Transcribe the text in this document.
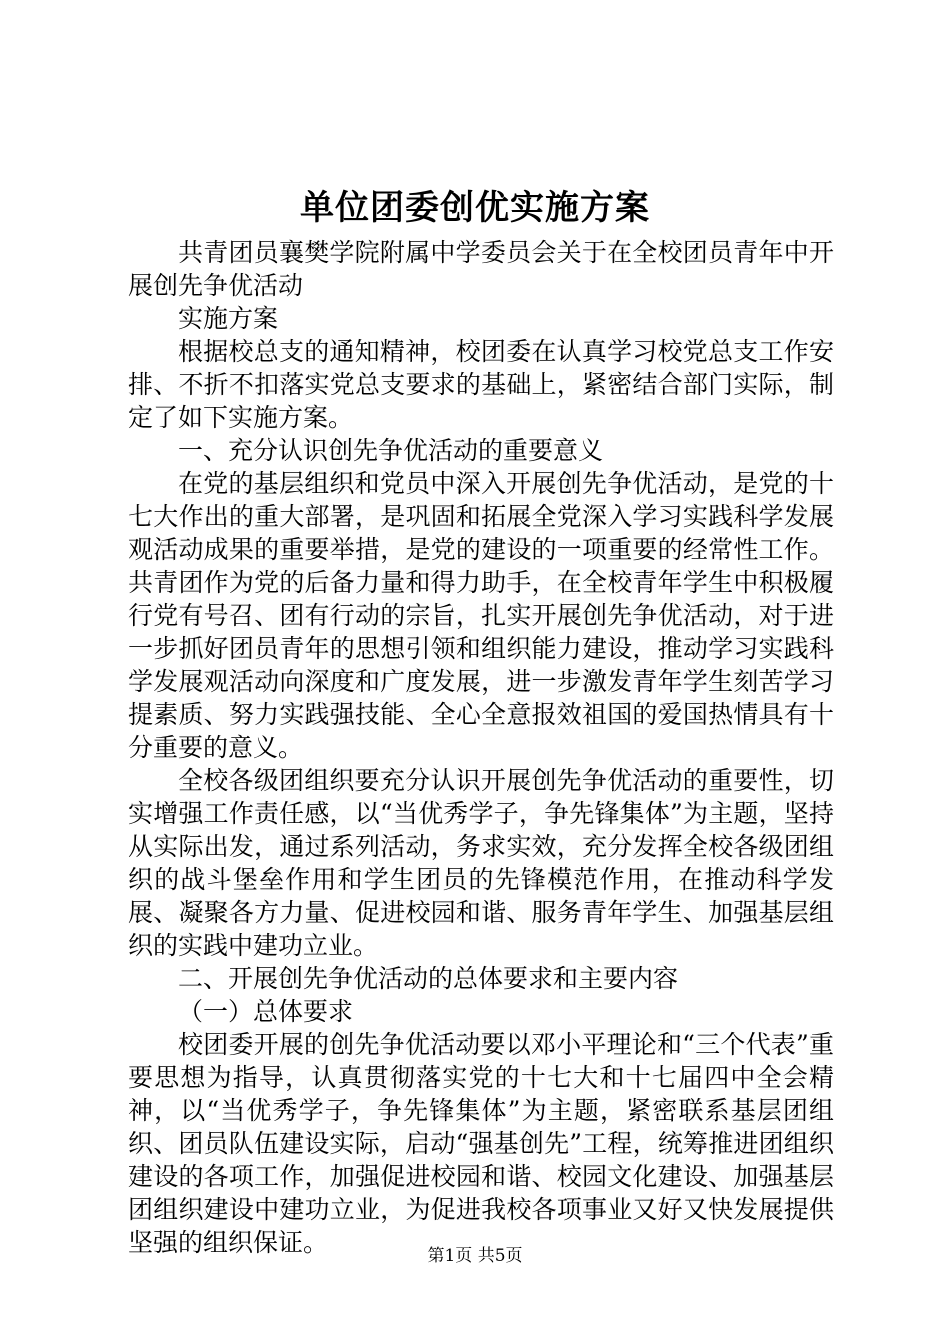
单位团委创优实施方案

共青团员襄樊学院附属中学委员会关于在全校团员青年中开展创先争优活动

实施方案

根据校总支的通知精神，校团委在认真学习校党总支工作安排、不折不扣落实党总支要求的基础上，紧密结合部门实际，制定了如下实施方案。

一、充分认识创先争优活动的重要意义

在党的基层组织和党员中深入开展创先争优活动，是党的十七大作出的重大部署，是巩固和拓展全党深入学习实践科学发展观活动成果的重要举措，是党的建设的一项重要的经常性工作。共青团作为党的后备力量和得力助手，在全校青年学生中积极履行党有号召、团有行动的宗旨，扎实开展创先争优活动，对于进一步抓好团员青年的思想引领和组织能力建设，推动学习实践科学发展观活动向深度和广度发展，进一步激发青年学生刻苦学习提素质、努力实践强技能、全心全意报效祖国的爱国热情具有十分重要的意义。

全校各级团组织要充分认识开展创先争优活动的重要性，切实增强工作责任感，以“当优秀学子，争先锋集体”为主题，坚持从实际出发，通过系列活动，务求实效，充分发挥全校各级团组织的战斗堡垒作用和学生团员的先锋模范作用，在推动科学发展、凝聚各方力量、促进校园和谐、服务青年学生、加强基层组织的实践中建功立业。

二、开展创先争优活动的总体要求和主要内容

（一）总体要求

校团委开展的创先争优活动要以邓小平理论和“三个代表”重要思想为指导，认真贯彻落实党的十七大和十七届四中全会精神，以“当优秀学子，争先锋集体”为主题，紧密联系基层团组织、团员队伍建设实际，启动“强基创先”工程，统筹推进团组织建设的各项工作，加强促进校园和谐、校园文化建设、加强基层团组织建设中建功立业，为促进我校各项事业又好又快发展提供坚强的组织保证。	第1页 共5页
